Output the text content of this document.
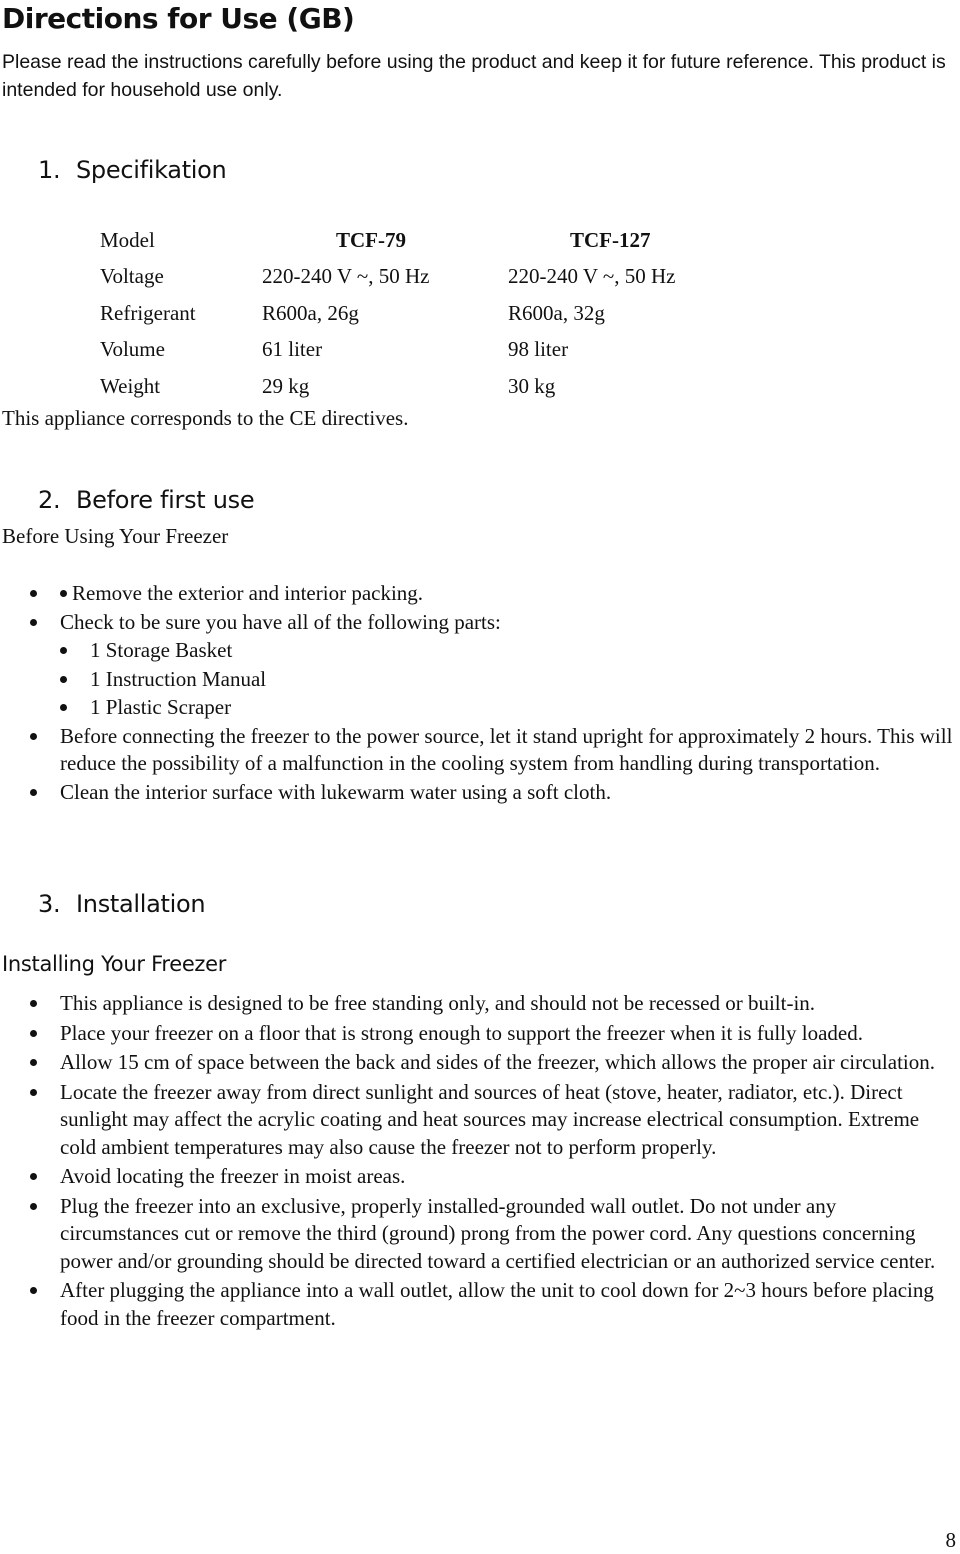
Directions for Use (GB)
Please read the instructions carefully before using the product and keep it for future reference. This product is intended for household use only.
1. Specifikation
Model	TCF-79	TCF-127
Voltage	220-240 V ~, 50 Hz	220-240 V ~, 50 Hz
Refrigerant	R600a, 26g	R600a, 32g
Volume	61 liter	98 liter
Weight	29 kg	30 kg
This appliance corresponds to the CE directives.
2. Before first use
Before Using Your Freezer
Remove the exterior and interior packing.
Check to be sure you have all of the following parts:
1 Storage Basket
1 Instruction Manual
1 Plastic Scraper
Before connecting the freezer to the power source, let it stand upright for approximately 2 hours. This will reduce the possibility of a malfunction in the cooling system from handling during transportation.
Clean the interior surface with lukewarm water using a soft cloth.
3. Installation
Installing Your Freezer
This appliance is designed to be free standing only, and should not be recessed or built-in.
Place your freezer on a floor that is strong enough to support the freezer when it is fully loaded.
Allow 15 cm of space between the back and sides of the freezer, which allows the proper air circulation.
Locate the freezer away from direct sunlight and sources of heat (stove, heater, radiator, etc.). Direct sunlight may affect the acrylic coating and heat sources may increase electrical consumption. Extreme cold ambient temperatures may also cause the freezer not to perform properly.
Avoid locating the freezer in moist areas.
Plug the freezer into an exclusive, properly installed-grounded wall outlet. Do not under any circumstances cut or remove the third (ground) prong from the power cord. Any questions concerning power and/or grounding should be directed toward a certified electrician or an authorized service center.
After plugging the appliance into a wall outlet, allow the unit to cool down for 2~3 hours before placing food in the freezer compartment.
8
